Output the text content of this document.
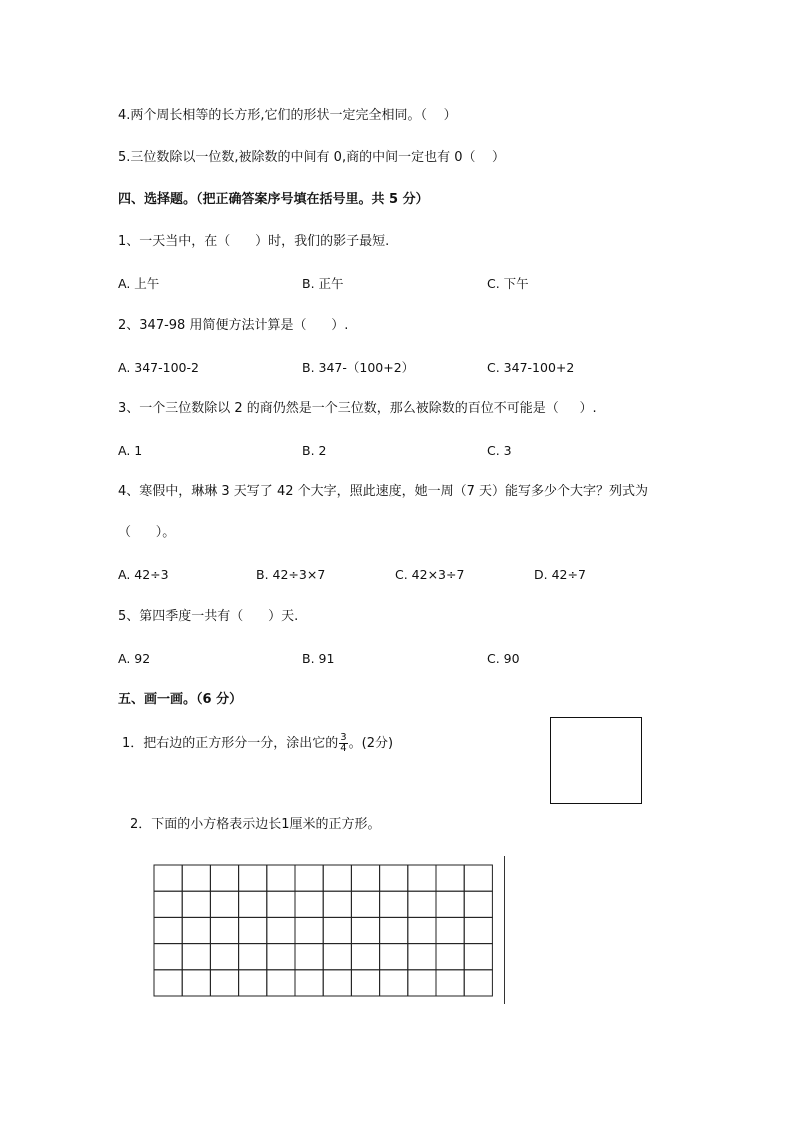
4.两个周长相等的长方形,它们的形状一定完全相同。（    ）
5.三位数除以一位数,被除数的中间有 0,商的中间一定也有 0（    ）
四、选择题。（把正确答案序号填在括号里。共 5 分）
1、一天当中，在（      ）时，我们的影子最短.
A. 上午	B. 正午	C. 下午
2、347-98 用简便方法计算是（      ）.
A. 347-100-2	B. 347-（100+2）	C. 347-100+2
3、一个三位数除以 2 的商仍然是一个三位数，那么被除数的百位不可能是（     ）.
A. 1	B. 2	C. 3
4、寒假中，琳琳 3 天写了 42 个大字，照此速度，她一周（7 天）能写多少个大字？列式为
（      ）。
A. 42÷3	B. 42÷3×7	C. 42×3÷7	D. 42÷7
5、第四季度一共有（      ）天.
A. 92	B. 91	C. 90
五、画一画。（6 分）
1．把右边的正方形分一分，涂出它的 $\frac{3}{4}$ 。(2分)
2．下面的小方格表示边长1厘米的正方形。
